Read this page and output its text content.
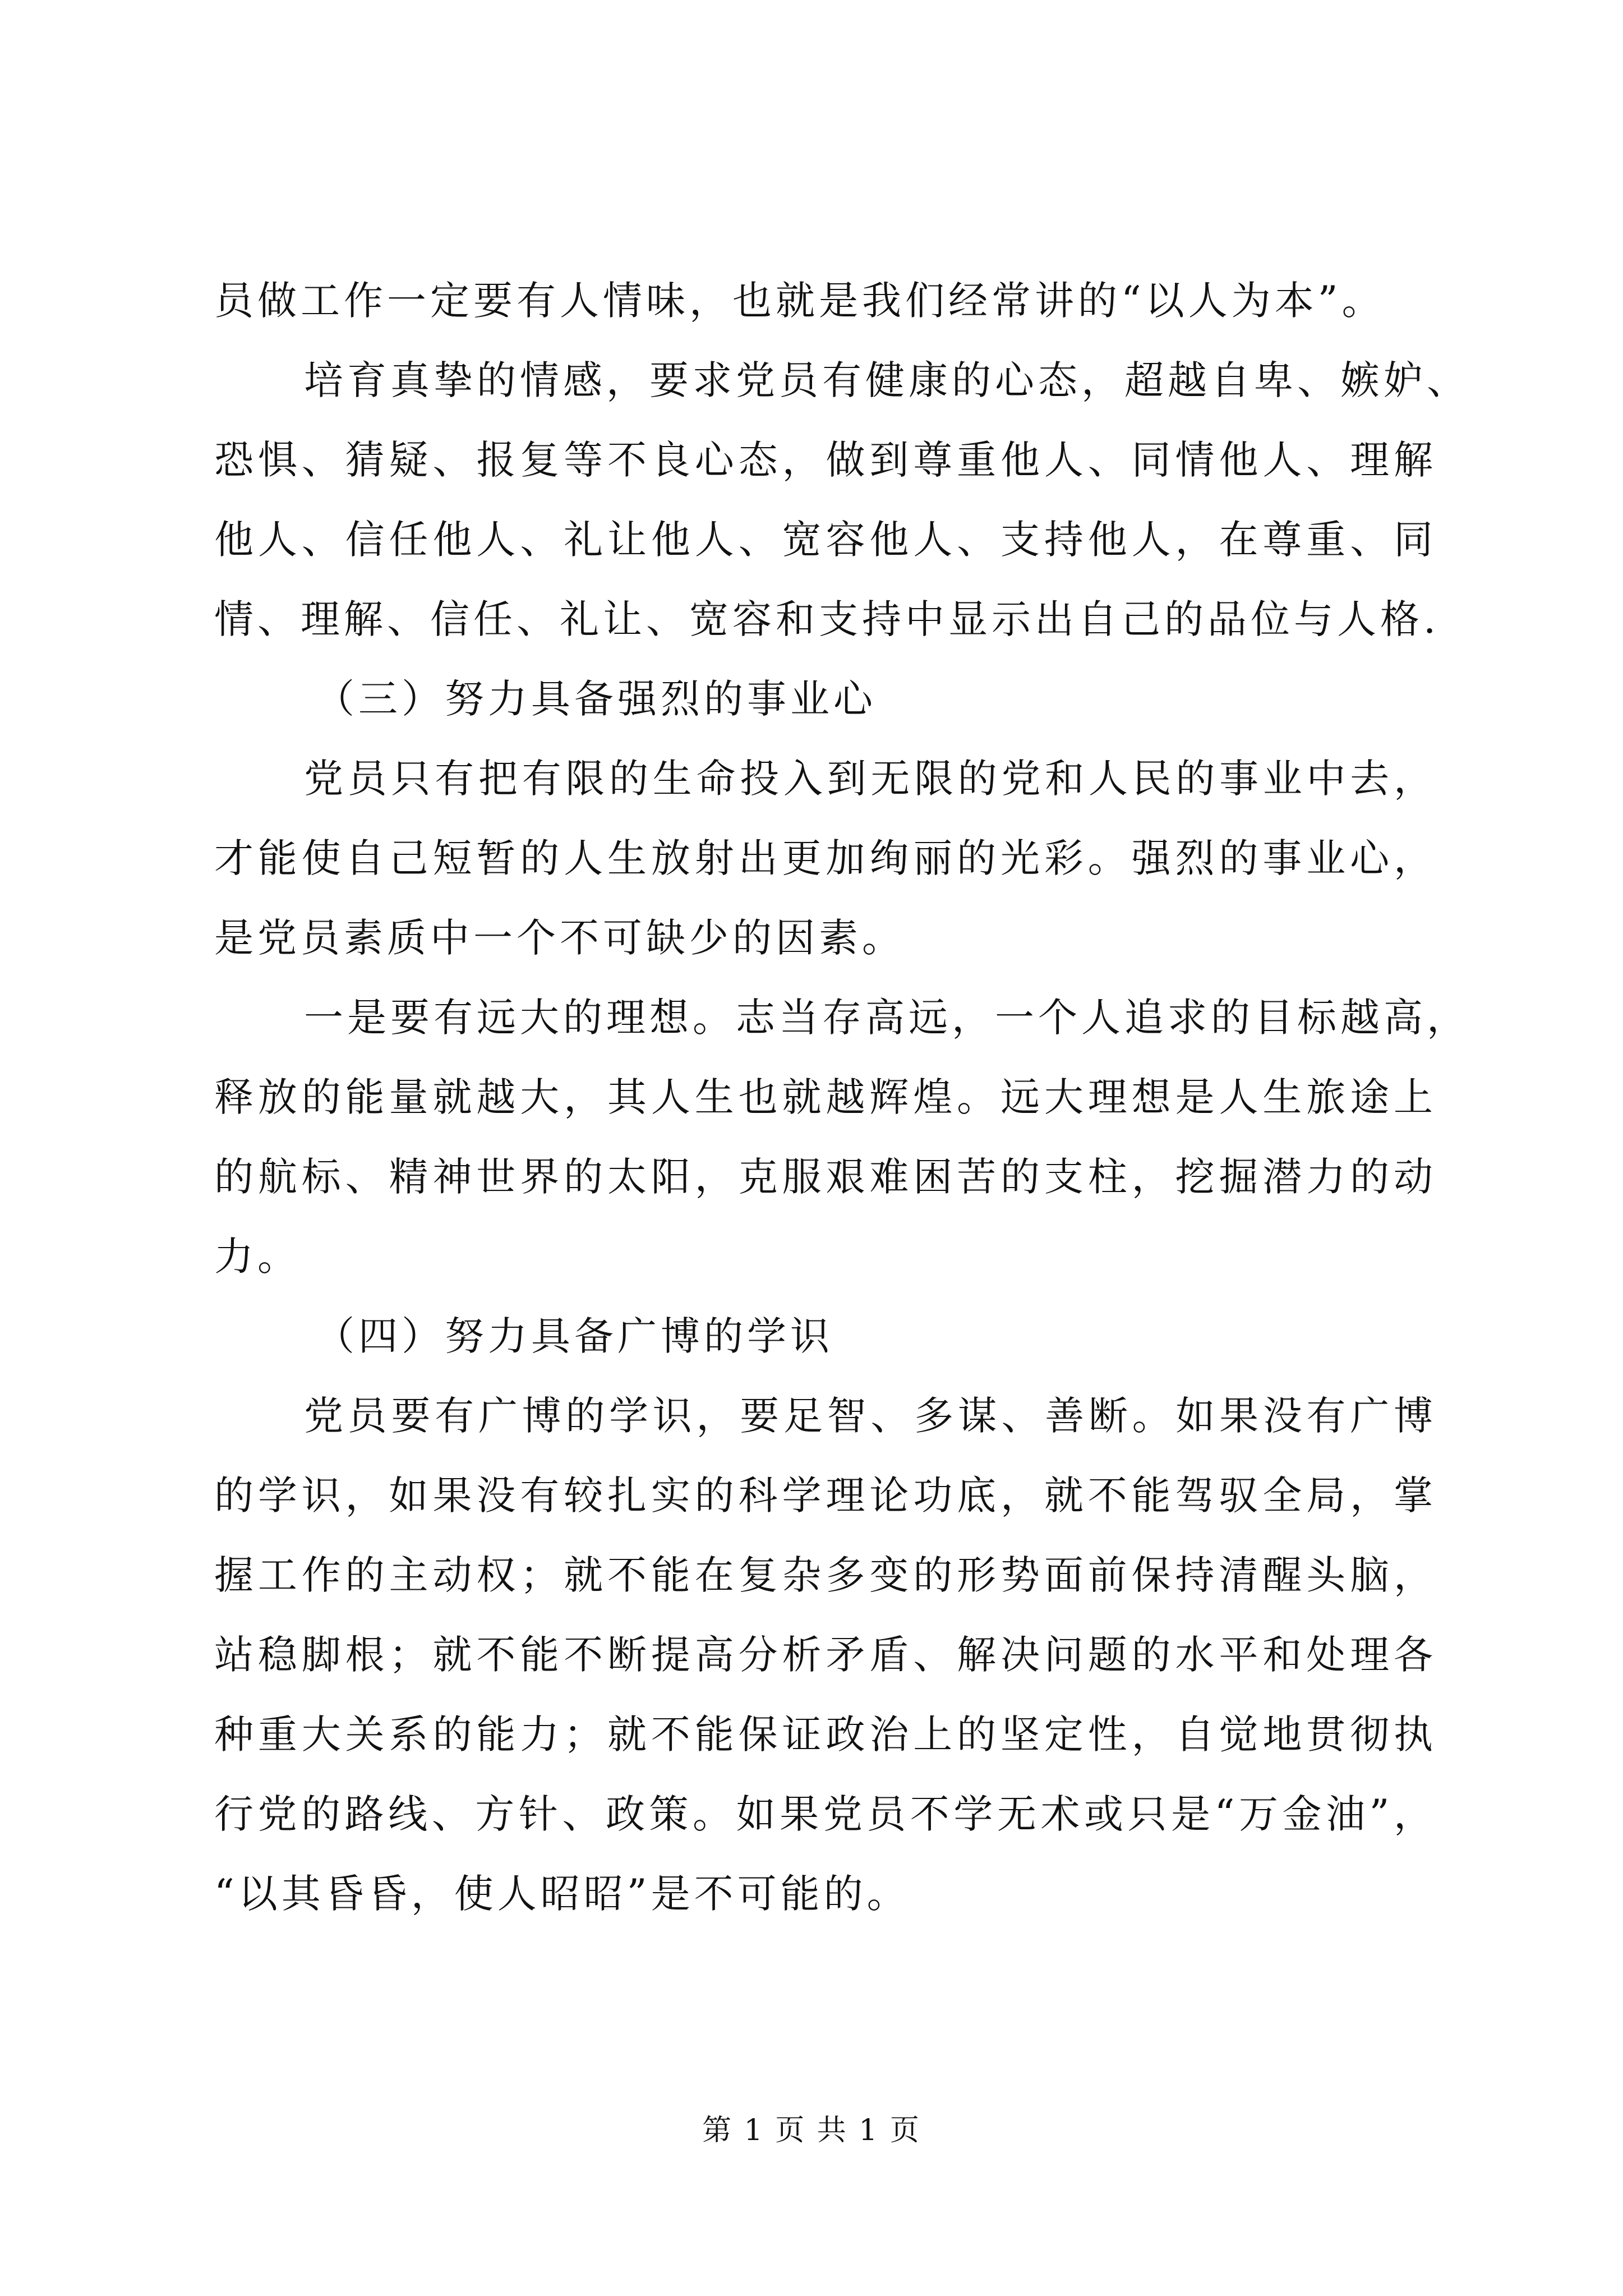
员做工作一定要有人情味，也就是我们经常讲的“以人为本”。
培育真挚的情感，要求党员有健康的心态，超越自卑、嫉妒、
恐惧、猜疑、报复等不良心态，做到尊重他人、同情他人、理解
他人、信任他人、礼让他人、宽容他人、支持他人，在尊重、同
情、理解、信任、礼让、宽容和支持中显示出自己的品位与人格.
（三）努力具备强烈的事业心
党员只有把有限的生命投入到无限的党和人民的事业中去，
才能使自己短暂的人生放射出更加绚丽的光彩。强烈的事业心，
是党员素质中一个不可缺少的因素。
一是要有远大的理想。志当存高远，一个人追求的目标越高，
释放的能量就越大，其人生也就越辉煌。远大理想是人生旅途上
的航标、精神世界的太阳，克服艰难困苦的支柱，挖掘潜力的动
力。
（四）努力具备广博的学识
党员要有广博的学识，要足智、多谋、善断。如果没有广博
的学识，如果没有较扎实的科学理论功底，就不能驾驭全局，掌
握工作的主动权；就不能在复杂多变的形势面前保持清醒头脑，
站稳脚根；就不能不断提高分析矛盾、解决问题的水平和处理各
种重大关系的能力；就不能保证政治上的坚定性，自觉地贯彻执
行党的路线、方针、政策。如果党员不学无术或只是“万金油”，
“以其昏昏，使人昭昭”是不可能的。
第 1 页 共 1 页
